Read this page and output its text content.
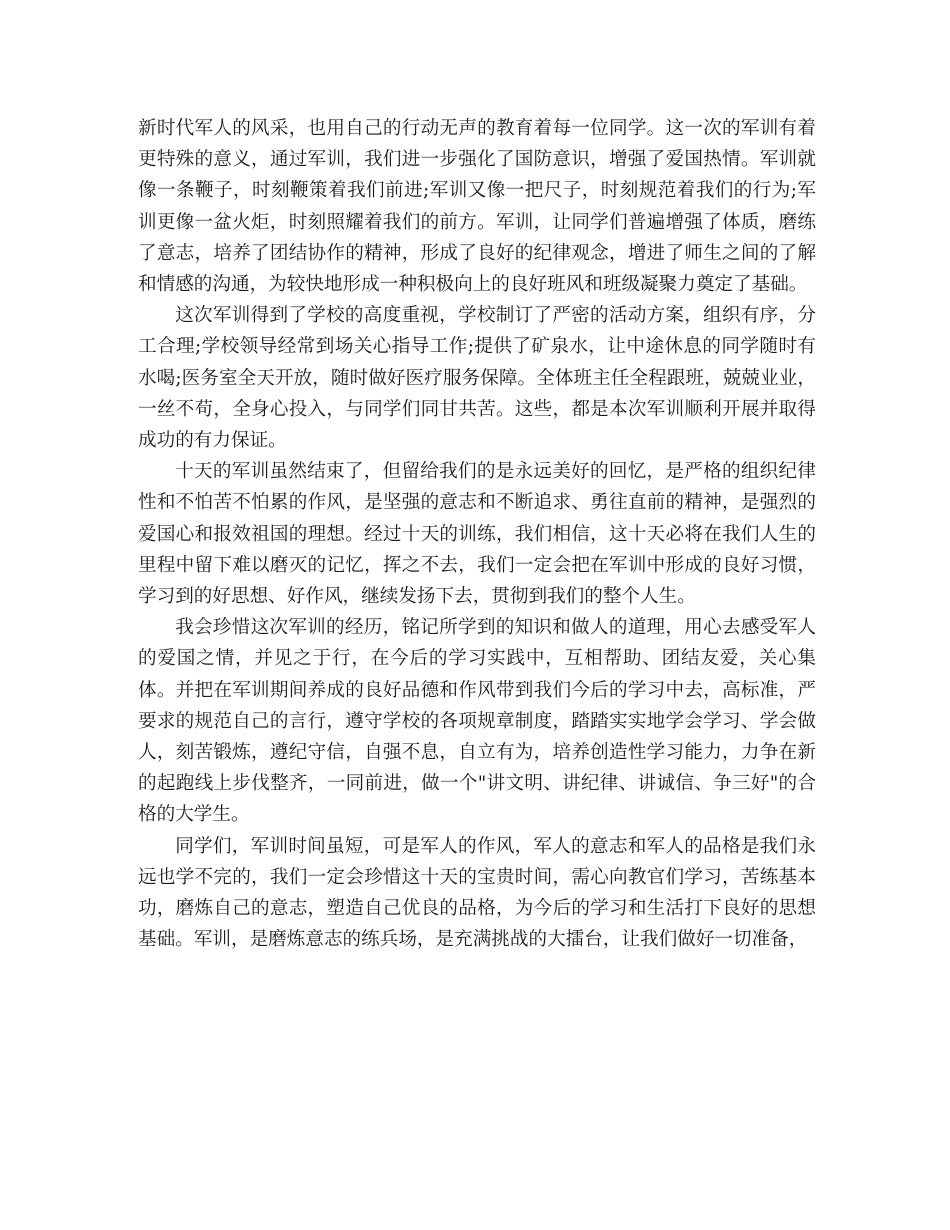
新时代军人的风采，也用自己的行动无声的教育着每一位同学。这一次的军训有着更特殊的意义，通过军训，我们进一步强化了国防意识，增强了爱国热情。军训就像一条鞭子，时刻鞭策着我们前进;军训又像一把尺子，时刻规范着我们的行为;军训更像一盆火炬，时刻照耀着我们的前方。军训，让同学们普遍增强了体质，磨练了意志，培养了团结协作的精神，形成了良好的纪律观念，增进了师生之间的了解和情感的沟通，为较快地形成一种积极向上的良好班风和班级凝聚力奠定了基础。

这次军训得到了学校的高度重视，学校制订了严密的活动方案，组织有序，分工合理;学校领导经常到场关心指导工作;提供了矿泉水，让中途休息的同学随时有水喝;医务室全天开放，随时做好医疗服务保障。全体班主任全程跟班，兢兢业业，一丝不苟，全身心投入，与同学们同甘共苦。这些，都是本次军训顺利开展并取得成功的有力保证。

十天的军训虽然结束了，但留给我们的是永远美好的回忆，是严格的组织纪律性和不怕苦不怕累的作风，是坚强的意志和不断追求、勇往直前的精神，是强烈的爱国心和报效祖国的理想。经过十天的训练，我们相信，这十天必将在我们人生的里程中留下难以磨灭的记忆，挥之不去，我们一定会把在军训中形成的良好习惯，学习到的好思想、好作风，继续发扬下去，贯彻到我们的整个人生。

我会珍惜这次军训的经历，铭记所学到的知识和做人的道理，用心去感受军人的爱国之情，并见之于行，在今后的学习实践中，互相帮助、团结友爱，关心集体。并把在军训期间养成的良好品德和作风带到我们今后的学习中去，高标准，严要求的规范自己的言行，遵守学校的各项规章制度，踏踏实实地学会学习、学会做人，刻苦锻炼，遵纪守信，自强不息，自立有为，培养创造性学习能力，力争在新的起跑线上步伐整齐，一同前进，做一个"讲文明、讲纪律、讲诚信、争三好"的合格的大学生。

同学们，军训时间虽短，可是军人的作风，军人的意志和军人的品格是我们永远也学不完的，我们一定会珍惜这十天的宝贵时间，需心向教官们学习，苦练基本功，磨炼自己的意志，塑造自己优良的品格，为今后的学习和生活打下良好的思想基础。军训，是磨炼意志的练兵场，是充满挑战的大擂台，让我们做好一切准备，
